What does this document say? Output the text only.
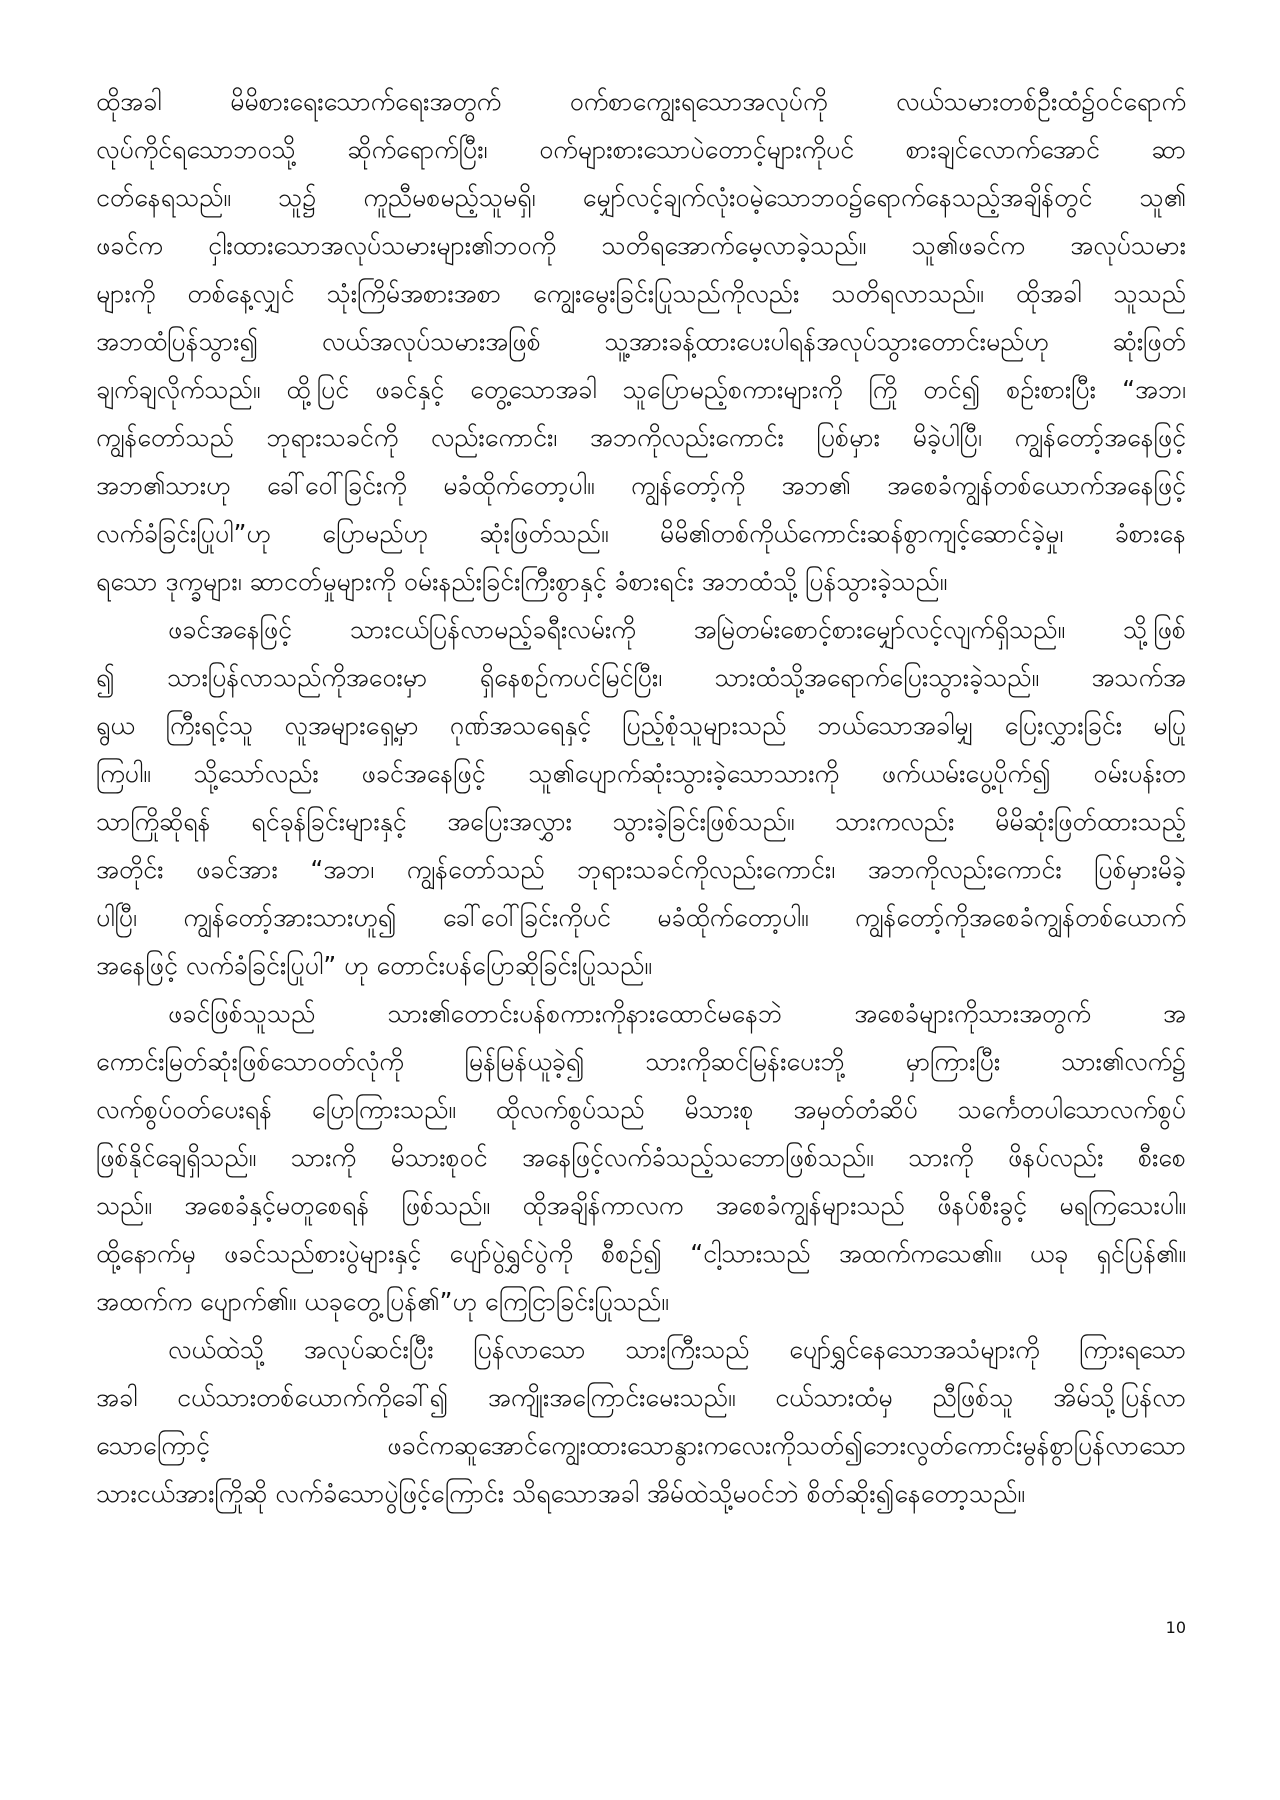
ထိုအခါ မိမိစားရေးသောက်ရေးအတွက် ဝက်စာကျွေးရသောအလုပ်ကို လယ်သမားတစ်ဦးထံ၌ဝင်ရောက်
လုပ်ကိုင်ရသောဘဝသို့ ဆိုက်ရောက်ပြီး၊ ဝက်များစားသောပဲတောင့်များကိုပင် စားချင်လောက်အောင် ဆာ
ငတ်နေရသည်။ သူ၌ ကူညီမစမည့်သူမရှိ၊ မျှော်လင့်ချက်လုံးဝမဲ့သောဘဝ၌ရောက်နေသည့်အချိန်တွင် သူ၏
ဖခင်က ငှါးထားသောအလုပ်သမားများ၏ဘဝကို သတိရအောက်မေ့လာခဲ့သည်။ သူ၏ဖခင်က အလုပ်သမား
များကို တစ်နေ့လျှင် သုံးကြိမ်အစားအစာ ကျွေးမွေးခြင်းပြုသည်ကိုလည်း သတိရလာသည်။ ထိုအခါ သူသည်
အဘထံပြန်သွား၍ လယ်အလုပ်သမားအဖြစ် သူ့အားခန့်ထားပေးပါရန်အလုပ်သွားတောင်းမည်ဟု ဆုံးဖြတ်
ချက်ချလိုက်သည်။ ထို့ပြင် ဖခင်နှင့် တွေ့သောအခါ သူပြောမည့်စကားများကို ကြို တင်၍ စဉ်းစားပြီး “အဘ၊
ကျွန်တော်သည် ဘုရားသခင်ကို လည်းကောင်း၊ အဘကိုလည်းကောင်း ပြစ်မှား မိခဲ့ပါပြီ၊ ကျွန်တော့်အနေဖြင့်
အဘ၏သားဟု ခေါ်ဝေါ်ခြင်းကို မခံထိုက်တော့ပါ။ ကျွန်တော့်ကို အဘ၏ အစေခံကျွန်တစ်ယောက်အနေဖြင့်
လက်ခံခြင်းပြုပါ”ဟု ပြောမည်ဟု ဆုံးဖြတ်သည်။ မိမိ၏တစ်ကိုယ်ကောင်းဆန်စွာကျင့်ဆောင်ခဲ့မှု၊ ခံစားနေ
ရသော ဒုက္ခများ၊ ဆာငတ်မှုများကို ဝမ်းနည်းခြင်းကြီးစွာနှင့် ခံစားရင်း အဘထံသို့ ပြန်သွားခဲ့သည်။
ဖခင်အနေဖြင့် သားငယ်ပြန်လာမည့်ခရီးလမ်းကို အမြဲတမ်းစောင့်စားမျှော်လင့်လျက်ရှိသည်။ သို့ဖြစ်
၍ သားပြန်လာသည်ကိုအဝေးမှာ ရှိနေစဉ်ကပင်မြင်ပြီး၊ သားထံသို့အရောက်ပြေးသွားခဲ့သည်။ အသက်အ
ရွယ ကြီးရင့်သူ လူအများရှေ့မှာ ဂုဏ်အသရေနှင့် ပြည့်စုံသူများသည် ဘယ်သောအခါမျှ ပြေးလွှားခြင်း မပြု
ကြပါ။ သို့သော်လည်း ဖခင်အနေဖြင့် သူ၏ပျောက်ဆုံးသွားခဲ့သောသားကို ဖက်ယမ်းပွေ့ပိုက်၍ ဝမ်းပန်းတ
သာကြိုဆိုရန် ရင်ခုန်ခြင်းများနှင့် အပြေးအလွှား သွားခဲ့ခြင်းဖြစ်သည်။ သားကလည်း မိမိဆုံးဖြတ်ထားသည့်
အတိုင်း ဖခင်အား “အဘ၊ ကျွန်တော်သည် ဘုရားသခင်ကိုလည်းကောင်း၊ အဘကိုလည်းကောင်း ပြစ်မှားမိခဲ့
ပါပြီ၊ ကျွန်တော့်အားသားဟူ၍ ခေါ်ဝေါ်ခြင်းကိုပင် မခံထိုက်တော့ပါ။ ကျွန်တော့်ကိုအစေခံကျွန်တစ်ယောက်
အနေဖြင့် လက်ခံခြင်းပြုပါ” ဟု တောင်းပန်ပြောဆိုခြင်းပြုသည်။
ဖခင်ဖြစ်သူသည် သား၏တောင်းပန်စကားကိုနားထောင်မနေဘဲ အစေခံများကိုသားအတွက် အ
ကောင်းမြတ်ဆုံးဖြစ်သောဝတ်လုံကို မြန်မြန်ယူခဲ့၍ သားကိုဆင်မြန်းပေးဘို့ မှာကြားပြီး သား၏လက်၌
လက်စွပ်ဝတ်ပေးရန် ပြောကြားသည်။ ထိုလက်စွပ်သည် မိသားစု အမှတ်တံဆိပ် သင်္ကေတပါသောလက်စွပ်
ဖြစ်နိုင်ချေရှိသည်။ သားကို မိသားစုဝင် အနေဖြင့်လက်ခံသည့်သဘောဖြစ်သည်။ သားကို ဖိနပ်လည်း စီးစေ
သည်။ အစေခံနှင့်မတူစေရန် ဖြစ်သည်။ ထိုအချိန်ကာလက အစေခံကျွန်များသည် ဖိနပ်စီးခွင့် မရကြသေးပါ။
ထို့နောက်မှ ဖခင်သည်စားပွဲများနှင့် ပျော်ပွဲရွှင်ပွဲကို စီစဉ်၍ “ငါ့သားသည် အထက်ကသေ၏။ ယခု ရှင်ပြန်၏။
အထက်က ပျောက်၏။ ယခုတွေ့ပြန်၏”ဟု ကြေငြာခြင်းပြုသည်။
လယ်ထဲသို့ အလုပ်ဆင်းပြီး ပြန်လာသော သားကြီးသည် ပျော်ရွှင်နေသောအသံများကို ကြားရသော
အခါ ငယ်သားတစ်ယောက်ကိုခေါ်၍ အကျိုးအကြောင်းမေးသည်။ ငယ်သားထံမှ ညီဖြစ်သူ အိမ်သို့ပြန်လာ
သောကြောင့် ဖခင်ကဆူအောင်ကျွေးထားသောနွားကလေးကိုသတ်၍ဘေးလွတ်ကောင်းမွန်စွာပြန်လာသော
သားငယ်အားကြိုဆို လက်ခံသောပွဲဖြင့်ကြောင်း သိရသောအခါ အိမ်ထဲသို့မဝင်ဘဲ စိတ်ဆိုး၍နေတော့သည်။
10
